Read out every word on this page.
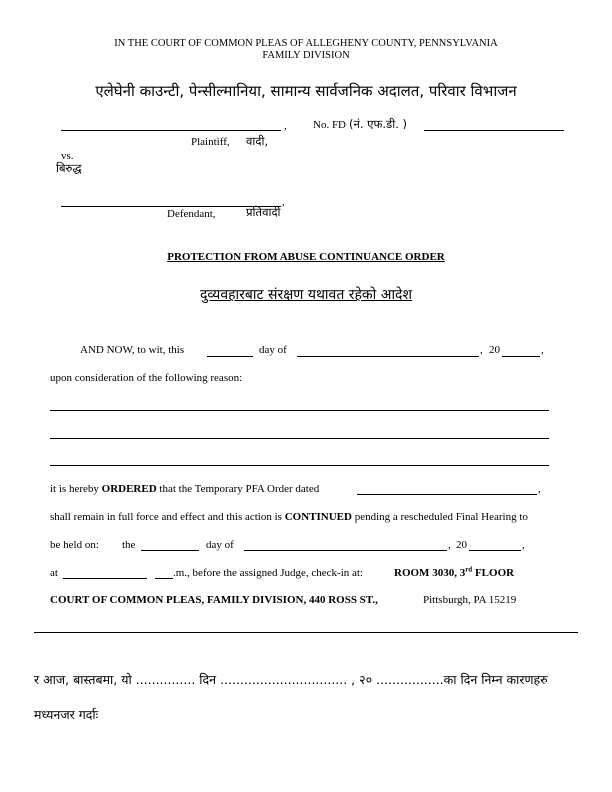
IN THE COURT OF COMMON PLEAS OF ALLEGHENY COUNTY, PENNSYLVANIA
FAMILY DIVISION
एलेघेनी काउन्टी, पेन्सील्मानिया, सामान्य सार्वजनिक अदालत, परिवार विभाजन
, No. FD (नं. एफ.डी. )
Plaintiff, वादी,
vs.
बिरुद्ध
,
Defendant,	प्रतिवादी
PROTECTION FROM ABUSE CONTINUANCE ORDER
दुव्यवहारबाट संरक्षण यथावत रहेको आदेश
AND NOW, to wit, this	day of	, 20	,
upon consideration of the following reason:
it is hereby ORDERED that the Temporary PFA Order dated	,
shall remain in full force and effect and this action is CONTINUED pending a rescheduled Final Hearing to
be held on: the	day of	, 20	,
at	.m., before the assigned Judge, check-in at:	ROOM 3030, 3rd FLOOR
COURT OF COMMON PLEAS, FAMILY DIVISION, 440 ROSS ST.,	Pittsburgh, PA 15219
र आज, बास्तबमा, यो ............... दिन ................................ , २० .................का दिन निम्न कारणहरु
मध्यनजर गर्दाः
